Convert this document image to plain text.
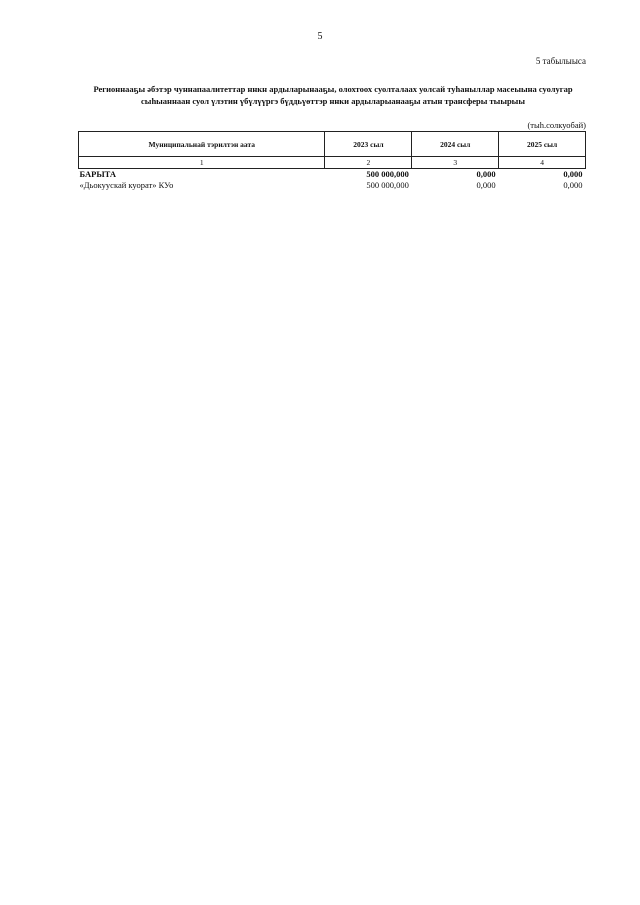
5
5 табылыыса
Регионнааҕы әбэтэр чуннапаалитеттар ннкн ардыларынааҕы, олохтоох суолталаах уолсай туһаныллар масеыына суолугар сыһыаннаан суол үлэтин үбүлүүргэ бүддьүөттэр ннки ардыларыанааҕы атын трансферы тыырыы
(тыһ.солкуобай)
Муниципальнай тэрилтэн аата	2023 сыл	2024 сыл	2025 сыл
1	2	3	4
БАРЫТА	500 000,000	0,000	0,000
«Дьокуускай куорат» КУо	500 000,000	0,000	0,000
